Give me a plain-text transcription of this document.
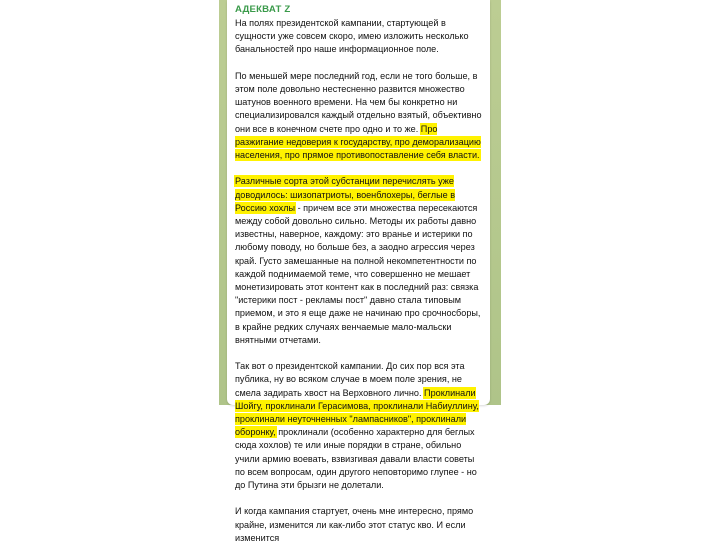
АДЕКВАТ Z

На полях президентской кампании, стартующей в сущности уже совсем скоро, имею изложить несколько банальностей про наше информационное поле.

По меньшей мере последний год, если не того больше, в этом поле довольно нестесненно развится множество шатунов военного времени. На чем бы конкретно ни специализировался каждый отдельно взятый, объективно они все в конечном счете про одно и то же. Про разжигание недоверия к государству, про деморализацию населения, про прямое противопоставление себя власти.

Различные сорта этой субстанции перечислять уже доводилось: шизопатриоты, военблохеры, беглые в Россию хохлы - причем все эти множества пересекаются между собой довольно сильно. Методы их работы давно известны, наверное, каждому: это вранье и истерики по любому поводу, но больше без, а заодно агрессия через край. Густо замешанные на полной некомпетентности по каждой поднимаемой теме, что совершенно не мешает монетизировать этот контент как в последний раз: связка "истерики пост - рекламы пост" давно стала типовым приемом, и это я еще даже не начинаю про срочносборы, в крайне редких случаях венчаемые мало-мальски внятными отчетами.

Так вот о президентской кампании. До сих пор вся эта публика, ну во всяком случае в моем поле зрения, не смела задирать хвост на Верховного лично. Проклинали Шойгу, проклинали Герасимова, проклинали Набиуллину, проклинали неуточненных "лампасников", проклинали оборонку, проклинали (особенно характерно для беглых сюда хохлов) те или иные порядки в стране, обильно учили армию воевать, взвизгивая давали власти советы по всем вопросам, один другого неповторимо глупее - но до Путина эти брызги не долетали.

И когда кампания стартует, очень мне интересно, прямо крайне, изменится ли как-либо этот статус кво. И если изменится
